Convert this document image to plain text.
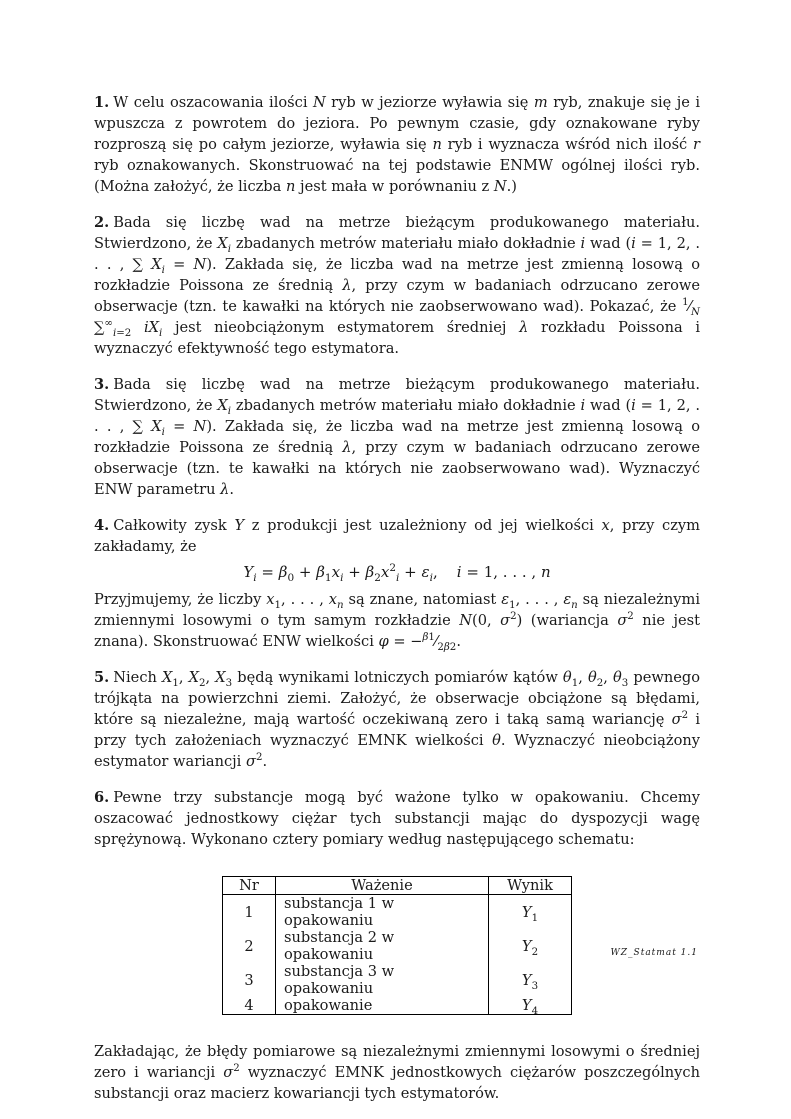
1. W celu oszacowania ilości N ryb w jeziorze wyławia się m ryb, znakuje się je i wpuszcza z powrotem do jeziora. Po pewnym czasie, gdy oznakowane ryby rozproszą się po całym jeziorze, wyławia się n ryb i wyznacza wśród nich ilość r ryb oznakowanych. Skonstruować na tej podstawie ENMW ogólnej ilości ryb. (Można założyć, że liczba n jest mała w porównaniu z N.)

2. Bada się liczbę wad na metrze bieżącym produkowanego materiału. Stwierdzono, że $X_i$ zbadanych metrów materiału miało dokładnie i wad (i = 1, 2, . . . , ∑ $X_i = N$). Zakłada się, że liczba wad na metrze jest zmienną losową o rozkładzie Poissona ze średnią λ, przy czym w badaniach odrzucano zerowe obserwacje (tzn. te kawałki na których nie zaobserwowano wad). Pokazać, że $^1⁄_N$ $\sum^\infty_{i=2}$ $iX_i$ jest nieobciążonym estymatorem średniej λ rozkładu Poissona i wyznaczyć efektywność tego estymatora.

3. Bada się liczbę wad na metrze bieżącym produkowanego materiału. Stwierdzono, że $X_i$ zbadanych metrów materiału miało dokładnie i wad (i = 1, 2, . . . , ∑ $X_i = N$). Zakłada się, że liczba wad na metrze jest zmienną losową o rozkładzie Poissona ze średnią λ, przy czym w badaniach odrzucano zerowe obserwacje (tzn. te kawałki na których nie zaobserwowano wad). Wyznaczyć ENW parametru λ.

4. Całkowity zysk Y z produkcji jest uzależniony od jej wielkości x, przy czym zakładamy, że

$Y_i = \beta_0 + \beta_1x_i + \beta_2x^2_i + \varepsilon_i$,    i = 1, . . . , n

Przyjmujemy, że liczby $x_1$, . . . , $x_n$ są znane, natomiast $\varepsilon_1$, . . . , $\varepsilon_n$ są niezależnymi zmiennymi losowymi o tym samym rozkładzie N(0, $\sigma^2$) (wariancja $\sigma^2$ nie jest znana). Skonstruować ENW wielkości $\varphi = -^{\beta 1}⁄_{2\beta 2}$.

5. Niech $X_1$, $X_2$, $X_3$ będą wynikami lotniczych pomiarów kątów $\theta_1$, $\theta_2$, $\theta_3$ pewnego trójkąta na powierzchni ziemi. Założyć, że obserwacje obciążone są błędami, które są niezależne, mają wartość oczekiwaną zero i taką samą wariancję $\sigma^2$ i przy tych założeniach wyznaczyć EMNK wielkości θ. Wyznaczyć nieobciążony estymator wariancji $\sigma^2$.

6. Pewne trzy substancje mogą być ważone tylko w opakowaniu. Chcemy oszacować jednostkowy ciężar tych substancji mając do dyspozycji wagę sprężynową. Wykonano cztery pomiary według następującego schematu:

Nr	Ważenie	Wynik
1	substancja 1 w opakowaniu	$Y_1$
2	substancja 2 w opakowaniu	$Y_2$
3	substancja 3 w opakowaniu	$Y_3$
4	opakowanie	$Y_4$

Zakładając, że błędy pomiarowe są niezależnymi zmiennymi losowymi o średniej zero i wariancji $\sigma^2$ wyznaczyć EMNK jednostkowych ciężarów poszczególnych substancji oraz macierz kowariancji tych estymatorów.

WZ_Statmat 1.1
